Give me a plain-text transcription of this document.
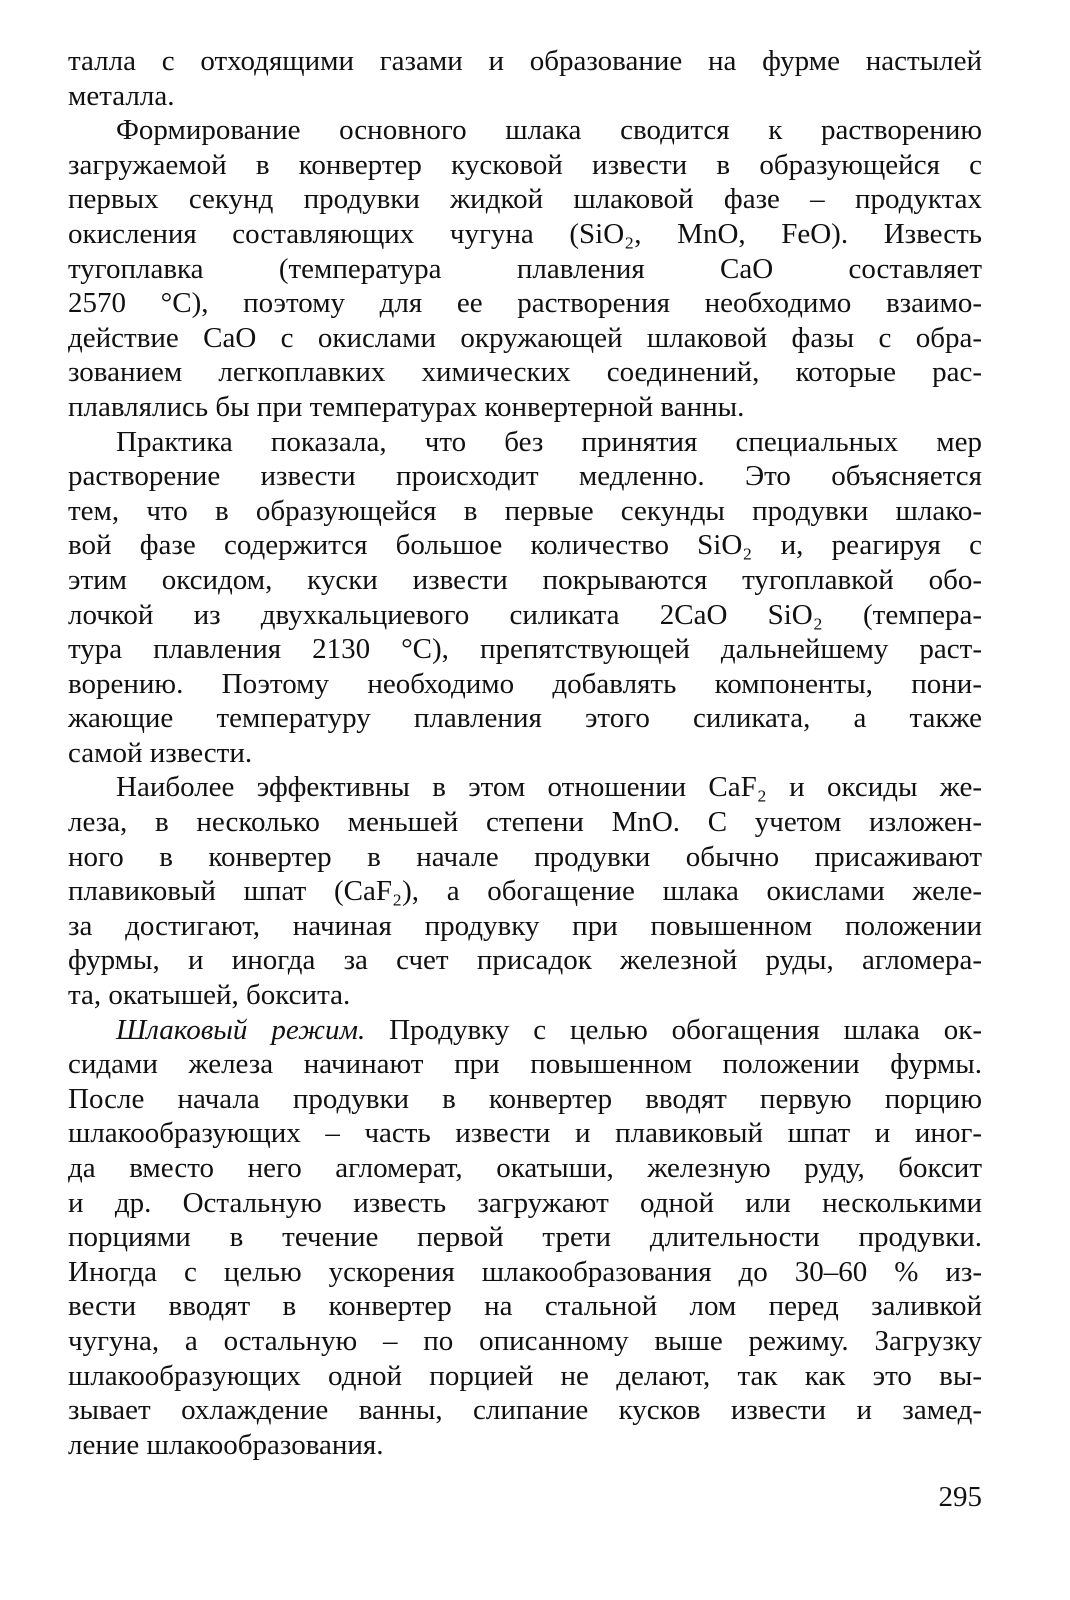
талла с отходящими газами и образование на фурме настылей
металла.
Формирование основного шлака сводится к растворению
загружаемой в конвертер кусковой извести в образующейся с
первых секунд продувки жидкой шлаковой фазе – продуктах
окисления составляющих чугуна (SiO₂, MnO, FeO). Известь
тугоплавка (температура плавления CaO составляет
2570 °C), поэтому для ее растворения необходимо взаимо-
действие CaO с окислами окружающей шлаковой фазы с обра-
зованием легкоплавких химических соединений, которые рас-
плавлялись бы при температурах конвертерной ванны.
Практика показала, что без принятия специальных мер
растворение извести происходит медленно. Это объясняется
тем, что в образующейся в первые секунды продувки шлако-
вой фазе содержится большое количество SiO₂ и, реагируя с
этим оксидом, куски извести покрываются тугоплавкой обо-
лочкой из двухкальциевого силиката 2CaO SiO₂ (темпера-
тура плавления 2130 °C), препятствующей дальнейшему раст-
ворению. Поэтому необходимо добавлять компоненты, пони-
жающие температуру плавления этого силиката, а также
самой извести.
Наиболее эффективны в этом отношении CaF₂ и оксиды же-
леза, в несколько меньшей степени MnO. С учетом изложен-
ного в конвертер в начале продувки обычно присаживают
плавиковый шпат (CaF₂), а обогащение шлака окислами желе-
за достигают, начиная продувку при повышенном положении
фурмы, и иногда за счет присадок железной руды, агломера-
та, окатышей, боксита.
Шлаковый режим. Продувку с целью обогащения шлака ок-
сидами железа начинают при повышенном положении фурмы.
После начала продувки в конвертер вводят первую порцию
шлакообразующих – часть извести и плавиковый шпат и иног-
да вместо него агломерат, окатыши, железную руду, боксит
и др. Остальную известь загружают одной или несколькими
порциями в течение первой трети длительности продувки.
Иногда с целью ускорения шлакообразования до 30–60 % из-
вести вводят в конвертер на стальной лом перед заливкой
чугуна, а остальную – по описанному выше режиму. Загрузку
шлакообразующих одной порцией не делают, так как это вы-
зывает охлаждение ванны, слипание кусков извести и замед-
ление шлакообразования.
295
